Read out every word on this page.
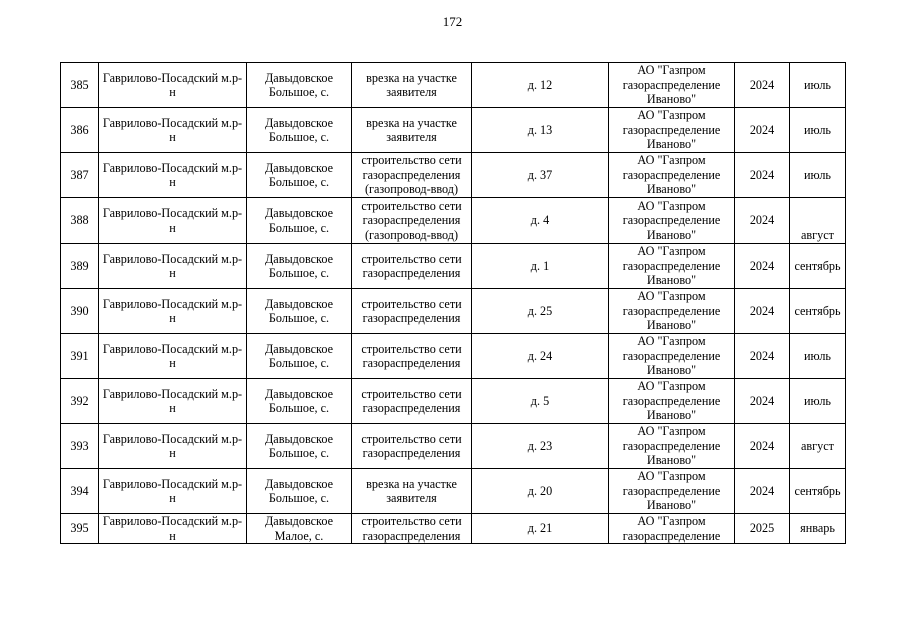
172
385	Гаврилово-Посадский м.р-н	Давыдовское Большое, с.	врезка на участке заявителя	д. 12	АО "Газпром газораспределение Иваново"	2024	июль
386	Гаврилово-Посадский м.р-н	Давыдовское Большое, с.	врезка на участке заявителя	д. 13	АО "Газпром газораспределение Иваново"	2024	июль
387	Гаврилово-Посадский м.р-н	Давыдовское Большое, с.	строительство сети газораспределения (газопровод-ввод)	д. 37	АО "Газпром газораспределение Иваново"	2024	июль
388	Гаврилово-Посадский м.р-н	Давыдовское Большое, с.	строительство сети газораспределения (газопровод-ввод)	д. 4	АО "Газпром газораспределение Иваново"	2024	август
389	Гаврилово-Посадский м.р-н	Давыдовское Большое, с.	строительство сети газораспределения	д. 1	АО "Газпром газораспределение Иваново"	2024	сентябрь
390	Гаврилово-Посадский м.р-н	Давыдовское Большое, с.	строительство сети газораспределения	д. 25	АО "Газпром газораспределение Иваново"	2024	сентябрь
391	Гаврилово-Посадский м.р-н	Давыдовское Большое, с.	строительство сети газораспределения	д. 24	АО "Газпром газораспределение Иваново"	2024	июль
392	Гаврилово-Посадский м.р-н	Давыдовское Большое, с.	строительство сети газораспределения	д. 5	АО "Газпром газораспределение Иваново"	2024	июль
393	Гаврилово-Посадский м.р-н	Давыдовское Большое, с.	строительство сети газораспределения	д. 23	АО "Газпром газораспределение Иваново"	2024	август
394	Гаврилово-Посадский м.р-н	Давыдовское Большое, с.	врезка на участке заявителя	д. 20	АО "Газпром газораспределение Иваново"	2024	сентябрь
395	Гаврилово-Посадский м.р-н	Давыдовское Малое, с.	строительство сети газораспределения	д. 21	АО "Газпром газораспределение	2025	январь
